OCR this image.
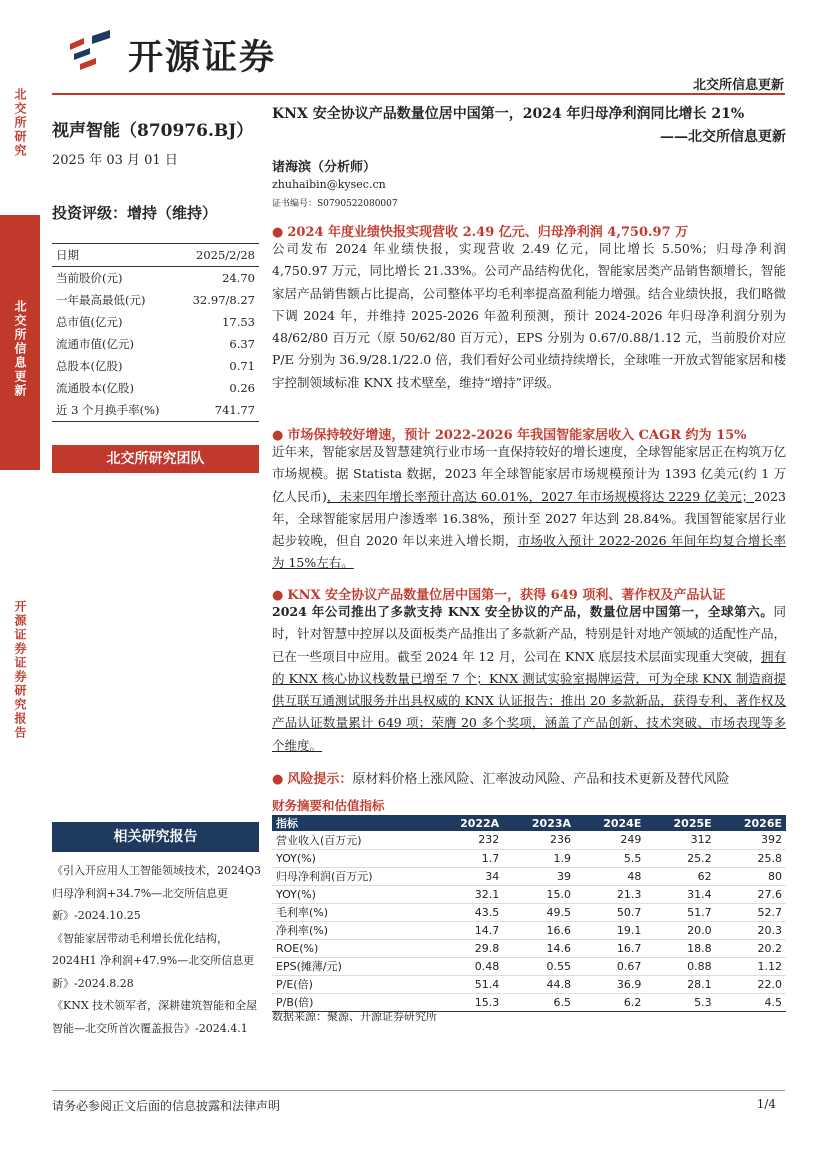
开源证券
北交所信息更新
北交所研究
北交所信息更新
开源证券证券研究报告
视声智能（870976.BJ）
2025 年 03 月 01 日
投资评级：增持（维持）
日期	2025/2/28
当前股价(元)	24.70
一年最高最低(元)	32.97/8.27
总市值(亿元)	17.53
流通市值(亿元)	6.37
总股本(亿股)	0.71
流通股本(亿股)	0.26
近 3 个月换手率(%)	741.77
北交所研究团队
相关研究报告
《引入开应用人工智能领域技术，2024Q3 归母净利润+34.7%—北交所信息更新》-2024.10.25
《智能家居带动毛利增长优化结构，2024H1 净利润+47.9%—北交所信息更新》-2024.8.28
《KNX 技术领军者，深耕建筑智能和全屋智能—北交所首次覆盖报告》-2024.4.1
KNX 安全协议产品数量位居中国第一，2024 年归母净利润同比增长 21%
——北交所信息更新
诸海滨（分析师）
zhuhaibin@kysec.cn
证书编号：S0790522080007
● 2024 年度业绩快报实现营收 2.49 亿元、归母净利润 4,750.97 万
公司发布 2024 年业绩快报，实现营收 2.49 亿元，同比增长 5.50%；归母净利润 4,750.97 万元，同比增长 21.33%。公司产品结构优化，智能家居类产品销售额增长，智能家居产品销售额占比提高，公司整体平均毛利率提高盈利能力增强。结合业绩快报，我们略微下调 2024 年，并维持 2025-2026 年盈利预测，预计 2024-2026 年归母净利润分别为 48/62/80 百万元（原 50/62/80 百万元），EPS 分别为 0.67/0.88/1.12 元，当前股价对应 P/E 分别为 36.9/28.1/22.0 倍，我们看好公司业绩持续增长，全球唯一开放式智能家居和楼宇控制领域标准 KNX 技术壁垒，维持“增持”评级。
● 市场保持较好增速，预计 2022-2026 年我国智能家居收入 CAGR 约为 15%
近年来，智能家居及智慧建筑行业市场一直保持较好的增长速度，全球智能家居正在构筑万亿市场规模。据 Statista 数据，2023 年全球智能家居市场规模预计为 1393 亿美元(约 1 万亿人民币)，未来四年增长率预计高达 60.01%，2027 年市场规模将达 2229 亿美元；2023 年，全球智能家居用户渗透率 16.38%，预计至 2027 年达到 28.84%。我国智能家居行业起步较晚，但自 2020 年以来进入增长期，市场收入预计 2022-2026 年间年均复合增长率为 15%左右。
● KNX 安全协议产品数量位居中国第一，获得 649 项利、著作权及产品认证
2024 年公司推出了多款支持 KNX 安全协议的产品，数量位居中国第一，全球第六。同时，针对智慧中控屏以及面板类产品推出了多款新产品，特别是针对地产领域的适配性产品，已在一些项目中应用。截至 2024 年 12 月，公司在 KNX 底层技术层面实现重大突破，拥有的 KNX 核心协议栈数量已增至 7 个；KNX 测试实验室揭牌运营，可为全球 KNX 制造商提供互联互通测试服务并出具权威的 KNX 认证报告；推出 20 多款新品，获得专利、著作权及产品认证数量累计 649 项；荣膺 20 多个奖项，涵盖了产品创新、技术突破、市场表现等多个维度。
● 风险提示：原材料价格上涨风险、汇率波动风险、产品和技术更新及替代风险
财务摘要和估值指标
指标	2022A	2023A	2024E	2025E	2026E
营业收入(百万元)	232	236	249	312	392
YOY(%)	1.7	1.9	5.5	25.2	25.8
归母净利润(百万元)	34	39	48	62	80
YOY(%)	32.1	15.0	21.3	31.4	27.6
毛利率(%)	43.5	49.5	50.7	51.7	52.7
净利率(%)	14.7	16.6	19.1	20.0	20.3
ROE(%)	29.8	14.6	16.7	18.8	20.2
EPS(摊薄/元)	0.48	0.55	0.67	0.88	1.12
P/E(倍)	51.4	44.8	36.9	28.1	22.0
P/B(倍)	15.3	6.5	6.2	5.3	4.5
数据来源：聚源、开源证券研究所
请务必参阅正文后面的信息披露和法律声明	1/4
